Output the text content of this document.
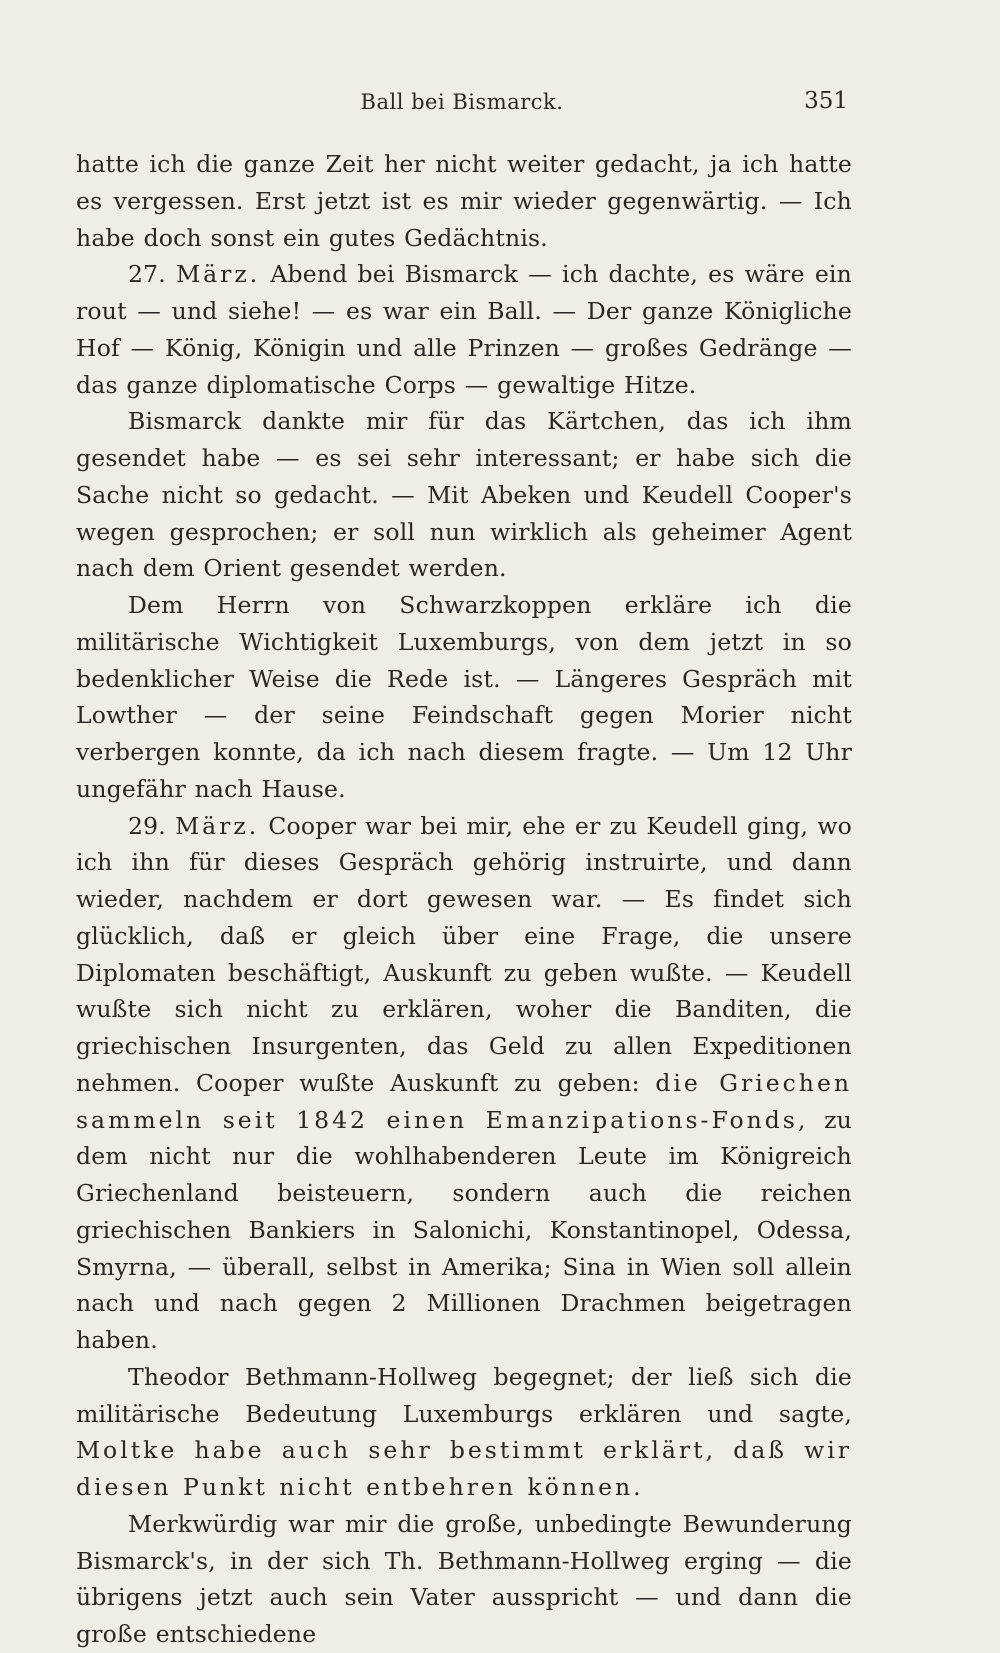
Ball bei Bismarck.	351

hatte ich die ganze Zeit her nicht weiter gedacht, ja ich hatte es vergessen. Erst jetzt ist es mir wieder gegenwärtig. — Ich habe doch sonst ein gutes Gedächtnis.

27. März. Abend bei Bismarck — ich dachte, es wäre ein rout — und siehe! — es war ein Ball. — Der ganze Königliche Hof — König, Königin und alle Prinzen — großes Gedränge — das ganze diplomatische Corps — gewaltige Hitze.

Bismarck dankte mir für das Kärtchen, das ich ihm gesendet habe — es sei sehr interessant; er habe sich die Sache nicht so gedacht. — Mit Abeken und Keudell Cooper's wegen gesprochen; er soll nun wirklich als geheimer Agent nach dem Orient gesendet werden.

Dem Herrn von Schwarzkoppen erkläre ich die militärische Wichtigkeit Luxemburgs, von dem jetzt in so bedenklicher Weise die Rede ist. — Längeres Gespräch mit Lowther — der seine Feindschaft gegen Morier nicht verbergen konnte, da ich nach diesem fragte. — Um 12 Uhr ungefähr nach Hause.

29. März. Cooper war bei mir, ehe er zu Keudell ging, wo ich ihn für dieses Gespräch gehörig instruirte, und dann wieder, nachdem er dort gewesen war. — Es findet sich glücklich, daß er gleich über eine Frage, die unsere Diplomaten beschäftigt, Auskunft zu geben wußte. — Keudell wußte sich nicht zu erklären, woher die Banditen, die griechischen Insurgenten, das Geld zu allen Expeditionen nehmen. Cooper wußte Auskunft zu geben: die Griechen sammeln seit 1842 einen Emanzipations-Fonds, zu dem nicht nur die wohlhabenderen Leute im Königreich Griechenland beisteuern, sondern auch die reichen griechischen Bankiers in Salonichi, Konstantinopel, Odessa, Smyrna, — überall, selbst in Amerika; Sina in Wien soll allein nach und nach gegen 2 Millionen Drachmen beigetragen haben.

Theodor Bethmann-Hollweg begegnet; der ließ sich die militärische Bedeutung Luxemburgs erklären und sagte, Moltke habe auch sehr bestimmt erklärt, daß wir diesen Punkt nicht entbehren können.

Merkwürdig war mir die große, unbedingte Bewunderung Bismarck's, in der sich Th. Bethmann-Hollweg erging — die übrigens jetzt auch sein Vater ausspricht — und dann die große entschiedene
